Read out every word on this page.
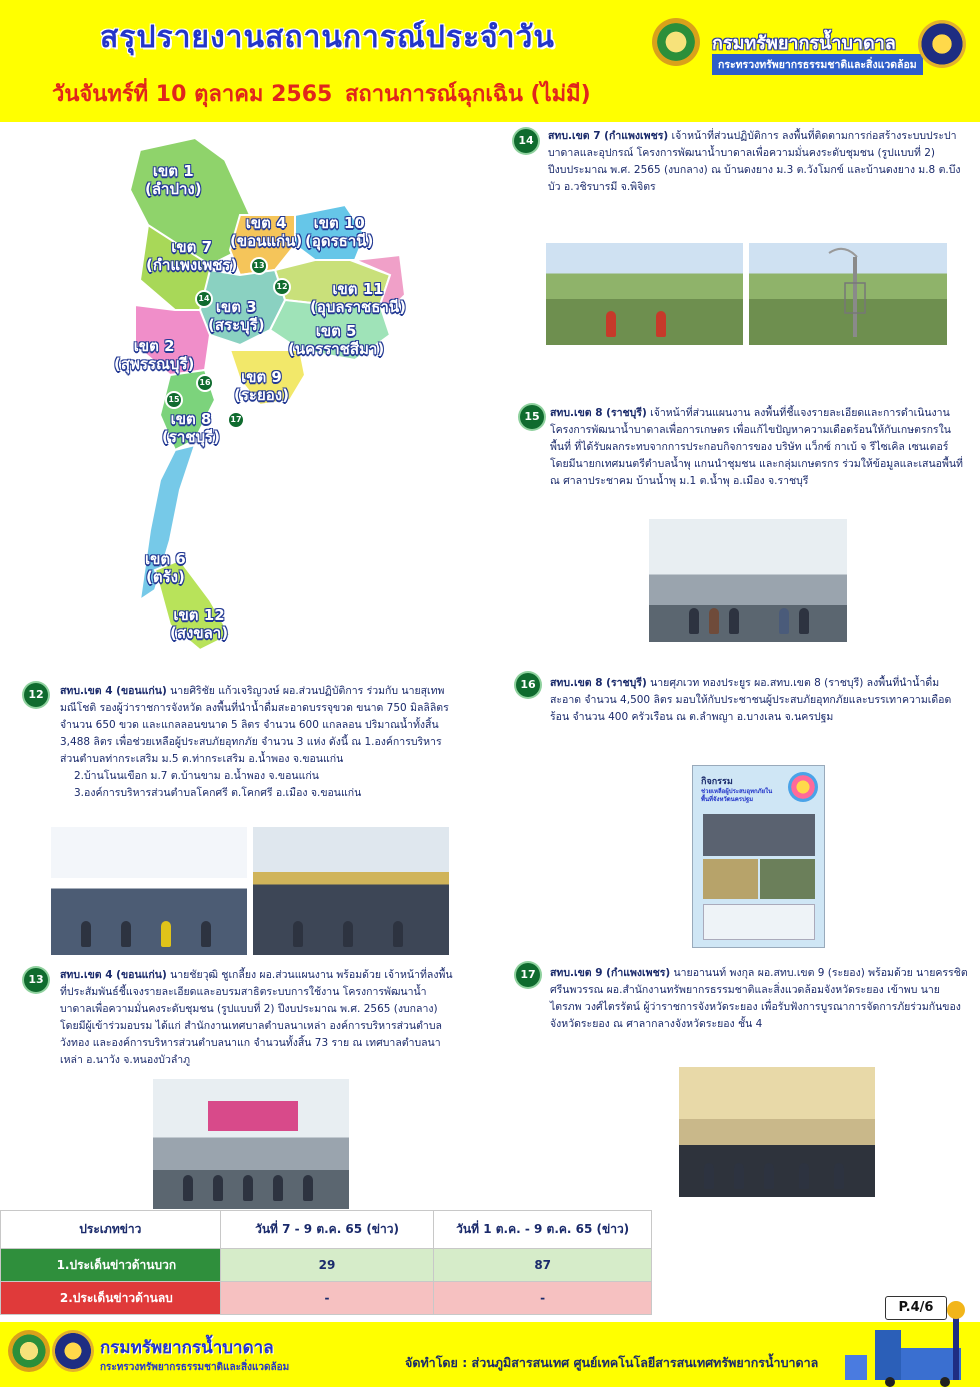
สรุปรายงานสถานการณ์ประจำวัน
วันจันทร์ที่ 10 ตุลาคม 2565 สถานการณ์ฉุกเฉิน (ไม่มี)
กรมทรัพยากรน้ำบาดาล
กระทรวงทรัพยากรธรรมชาติและสิ่งแวดล้อม
เขต 1
(ลำปาง)
เขต 4
(ขอนแก่น)
เขต 10
(อุดรธานี)
เขต 7
(กำแพงเพชร)
เขต 11
(อุบลราชธานี)
เขต 3
(สระบุรี)	เขต 5
(นครราชสีมา)
เขต 2
(สุพรรณบุรี)
เขต 9
(ระยอง)
เขต 8
(ราชบุรี)
เขต 6
(ตรัง)
เขต 12
(สงขลา)
13
12
14
16
15
17
14	สทบ.เขต 7 (กำแพงเพชร) เจ้าหน้าที่ส่วนปฏิบัติการ ลงพื้นที่ติดตามการก่อสร้างระบบประปาบาดาลและอุปกรณ์ โครงการพัฒนาน้ำบาดาลเพื่อความมั่นคงระดับชุมชน (รูปแบบที่ 2) ปีงบประมาณ พ.ศ. 2565 (งบกลาง) ณ บ้านดงยาง ม.3 ต.วังโมกข์ และบ้านดงยาง ม.8 ต.บึงบัว อ.วชิรบารมี จ.พิจิตร
15 สทบ.เขต 8 (ราชบุรี) เจ้าหน้าที่ส่วนแผนงาน ลงพื้นที่ชี้แจงรายละเอียดและการดำเนินงานโครงการพัฒนาน้ำบาดาลเพื่อการเกษตร เพื่อแก้ไขปัญหาความเดือดร้อนให้กับเกษตรกรในพื้นที่ ที่ได้รับผลกระทบจากการประกอบกิจการของ บริษัท แว็กซ์ กาเบ้ จ รีไซเคิล เซนเตอร์ โดยมีนายกเทศมนตรีตำบลน้ำพุ แกนนำชุมชน และกลุ่มเกษตรกร ร่วมให้ข้อมูลและเสนอพื้นที่ ณ ศาลาประชาคม บ้านน้ำพุ ม.1 ต.น้ำพุ อ.เมือง จ.ราชบุรี
12	สทบ.เขต 4 (ขอนแก่น) นายศิริชัย แก้วเจริญวงษ์ ผอ.ส่วนปฏิบัติการ ร่วมกับ นายสุเทพ มณีโชติ รองผู้ว่าราชการจังหวัด ลงพื้นที่นำน้ำดื่มสะอาดบรรจุขวด ขนาด 750 มิลลิลิตร จำนวน 650 ขวด และแกลลอนขนาด 5 ลิตร จำนวน 600 แกลลอน ปริมาณน้ำทั้งสิ้น 3,488 ลิตร เพื่อช่วยเหลือผู้ประสบภัยอุทกภัย จำนวน 3 แห่ง ดังนี้ ณ 1.องค์การบริหารส่วนตำบลท่ากระเสริม ม.5 ต.ท่ากระเสริม อ.น้ำพอง จ.ขอนแก่น
2.บ้านโนนเขือก ม.7 ต.บ้านขาม อ.น้ำพอง จ.ขอนแก่น
3.องค์การบริหารส่วนตำบลโคกศรี ต.โคกศรี อ.เมือง จ.ขอนแก่น
16	สทบ.เขต 8 (ราชบุรี) นายศุภเวท ทองประยูร ผอ.สทบ.เขต 8 (ราชบุรี) ลงพื้นที่นำน้ำดื่มสะอาด จำนวน 4,500 ลิตร มอบให้กับประชาชนผู้ประสบภัยอุทกภัยและบรรเทาความเดือดร้อน จำนวน 400 ครัวเรือน ณ ต.ลำพญา อ.บางเลน จ.นครปฐม
กิจกรรม
ช่วยเหลือผู้ประสบอุทกภัยในพื้นที่จังหวัดนครปฐม
13	สทบ.เขต 4 (ขอนแก่น) นายชัยวุฒิ ชูเกลี้ยง ผอ.ส่วนแผนงาน พร้อมด้วย เจ้าหน้าที่ลงพื้นที่ประสัมพันธ์ชี้แจงรายละเอียดและอบรมสาธิตระบบการใช้งาน โครงการพัฒนาน้ำบาดาลเพื่อความมั่นคงระดับชุมชน (รูปแบบที่ 2) ปีงบประมาณ พ.ศ. 2565 (งบกลาง) โดยมีผู้เข้าร่วมอบรม ได้แก่ สำนักงานเทศบาลตำบลนาเหล่า องค์การบริหารส่วนตำบลวังทอง และองค์การบริหารส่วนตำบลนาแก จำนวนทั้งสิ้น 73 ราย ณ เทศบาลตำบลนาเหล่า อ.นาวัง จ.หนองบัวลำภู
17	สทบ.เขต 9 (กำแพงเพชร) นายอานนท์ พงกุล ผอ.สทบ.เขต 9 (ระยอง) พร้อมด้วย นายครรชิต ศรีนพวรรณ ผอ.สำนักงานทรัพยากรธรรมชาติและสิ่งแวดล้อมจังหวัดระยอง เข้าพบ นายไตรภพ วงศ์ไตรรัตน์ ผู้ว่าราชการจังหวัดระยอง เพื่อรับฟังการบูรณาการจัดการภัยร่วมกันของจังหวัดระยอง ณ ศาลากลางจังหวัดระยอง ชั้น 4
ประเภทข่าว	วันที่ 7 - 9 ต.ค. 65 (ข่าว)	วันที่ 1 ต.ค. - 9 ต.ค. 65 (ข่าว)
1.ประเด็นข่าวด้านบวก	29	87
2.ประเด็นข่าวด้านลบ	-	-
P.4/6
กรมทรัพยากรน้ำบาดาล
กระทรวงทรัพยากรธรรมชาติและสิ่งแวดล้อม	จัดทำโดย : ส่วนภูมิสารสนเทศ ศูนย์เทคโนโลยีสารสนเทศทรัพยากรน้ำบาดาล
